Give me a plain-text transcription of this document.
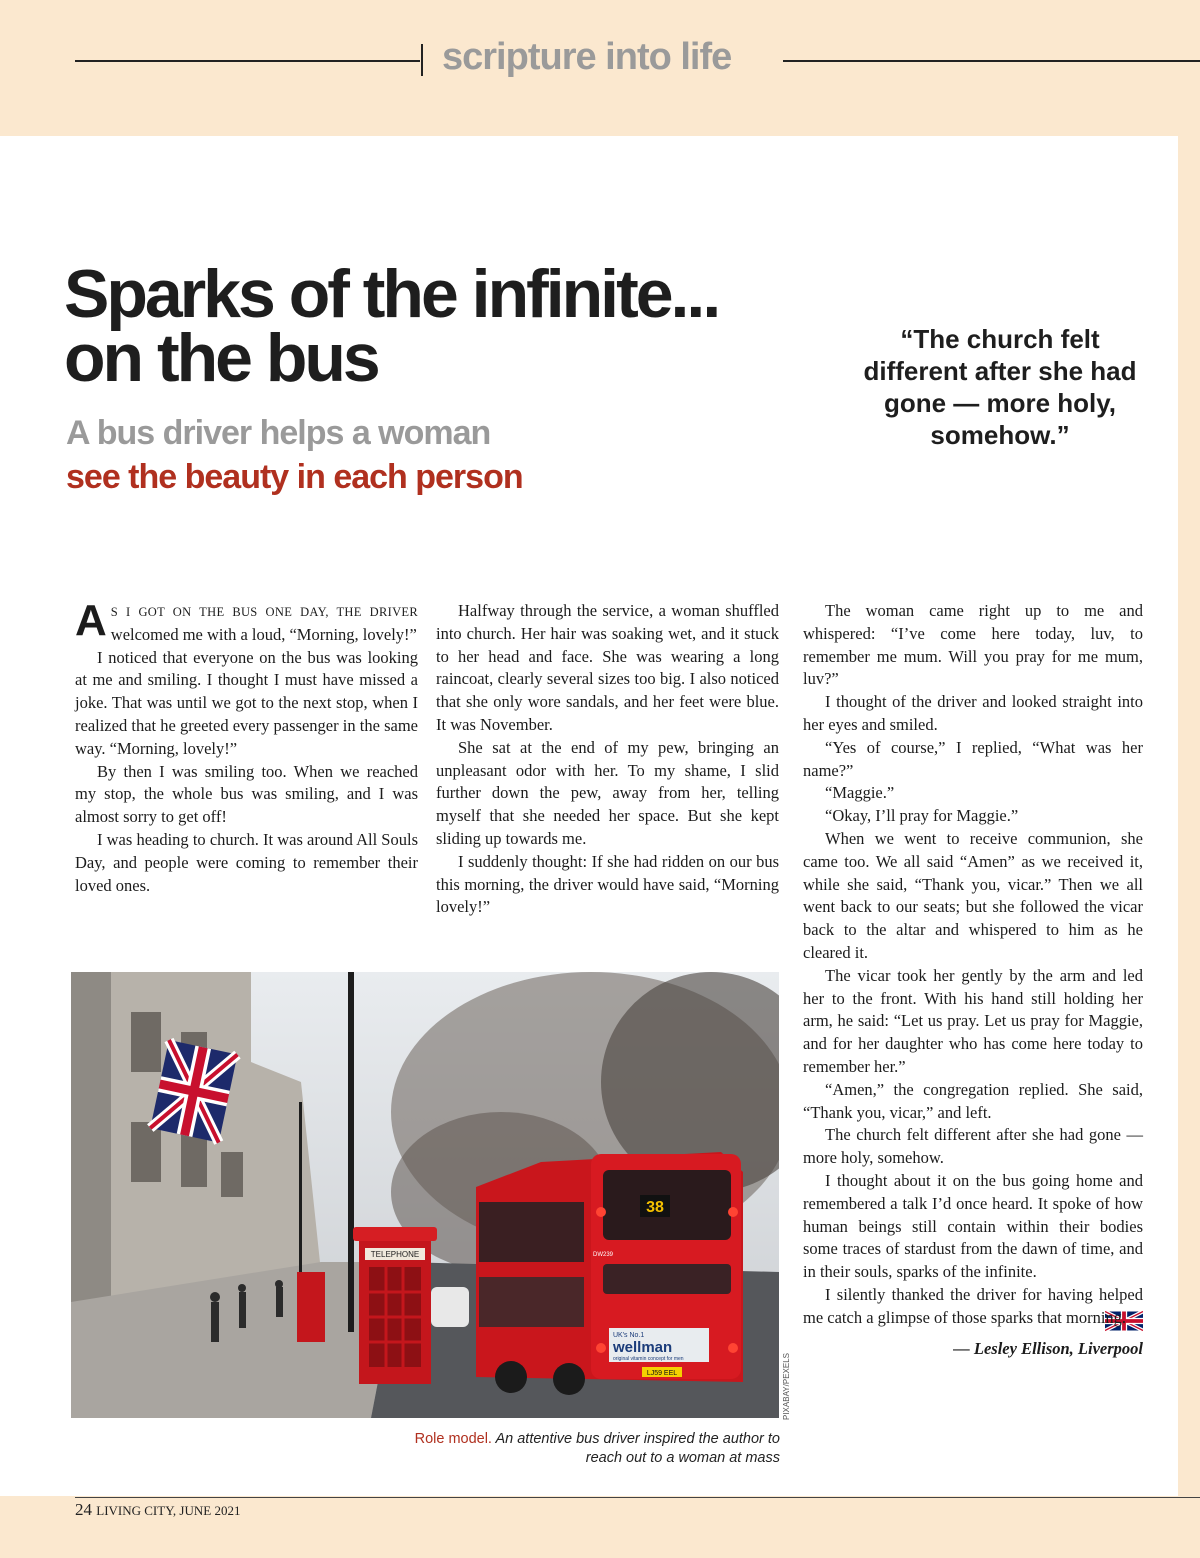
scripture into life
Sparks of the infinite...
on the bus
A bus driver helps a woman
see the beauty in each person
“The church felt different after she had gone — more holy, somehow.”

A S I GOT ON THE BUS ONE DAY, THE DRIVER welcomed me with a loud, “Morning, lovely!”

I noticed that everyone on the bus was looking at me and smiling. I thought I must have missed a joke. That was until we got to the next stop, when I realized that he greeted every passenger in the same way. “Morning, lovely!”

By then I was smiling too. When we reached my stop, the whole bus was smiling, and I was almost sorry to get off!

I was heading to church. It was around All Souls Day, and people were coming to remember their loved ones.

Halfway through the service, a woman shuffled into church. Her hair was soaking wet, and it stuck to her head and face. She was wearing a long raincoat, clearly several sizes too big. I also noticed that she only wore sandals, and her feet were blue. It was November.

She sat at the end of my pew, bringing an unpleasant odor with her. To my shame, I slid further down the pew, away from her, telling myself that she needed her space. But she kept sliding up towards me.

I suddenly thought: If she had ridden on our bus this morning, the driver would have said, “Morning lovely!”

The woman came right up to me and whispered: “I’ve come here today, luv, to remember me mum. Will you pray for me mum, luv?”

I thought of the driver and looked straight into her eyes and smiled.

“Yes of course,” I replied, “What was her name?”

“Maggie.”

“Okay, I’ll pray for Maggie.”

When we went to receive communion, she came too. We all said “Amen” as we received it, while she said, “Thank you, vicar.” Then we all went back to our seats; but she followed the vicar back to the altar and whispered to him as he cleared it.

The vicar took her gently by the arm and led her to the front. With his hand still holding her arm, he said: “Let us pray. Let us pray for Maggie, and for her daughter who has come here today to remember her.”

“Amen,” the congregation replied. She said, “Thank you, vicar,” and left.

The church felt different after she had gone — more holy, somehow.

I thought about it on the bus going home and remembered a talk I’d once heard. It spoke of how human beings still contain within their bodies some traces of stardust from the dawn of time, and in their souls, sparks of the infinite.

I silently thanked the driver for having helped me catch a glimpse of those sparks that morning.

— Lesley Ellison, Liverpool

TELEPHONE
38
DW239
UK's No.1
wellman
original vitamin concept for men
LJ59 EEL	PIXABAY/PEXELS
Role model. An attentive bus driver inspired the author to reach out to a woman at mass
24 LIVING CITY, JUNE 2021
